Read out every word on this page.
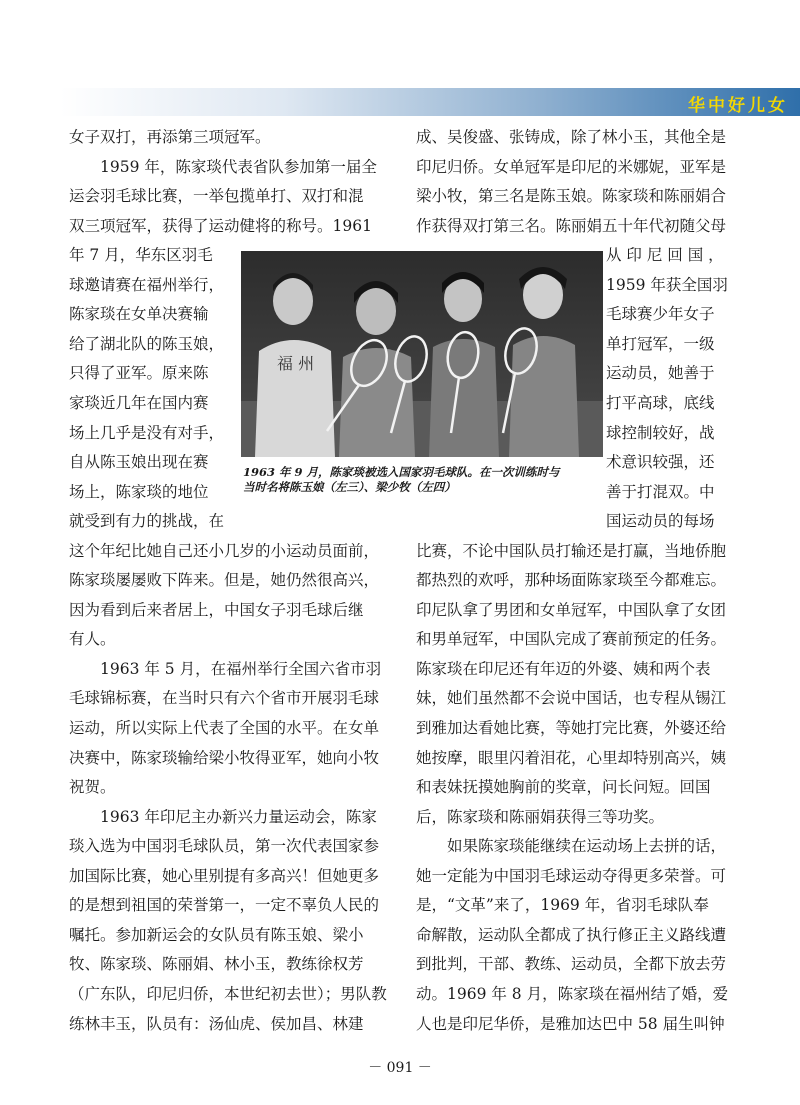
华中好儿女
女子双打，再添第三项冠军。
　　1959 年，陈家琰代表省队参加第一届全
运会羽毛球比赛，一举包揽单打、双打和混
双三项冠军，获得了运动健将的称号。1961
年 7 月，华东区羽毛
球邀请赛在福州举行，
陈家琰在女单决赛输
给了湖北队的陈玉娘，
只得了亚军。原来陈
家琰近几年在国内赛
场上几乎是没有对手，
自从陈玉娘出现在赛
场上，陈家琰的地位
就受到有力的挑战，在
这个年纪比她自己还小几岁的小运动员面前，
陈家琰屡屡败下阵来。但是，她仍然很高兴，
因为看到后来者居上，中国女子羽毛球后继
有人。
　　1963 年 5 月，在福州举行全国六省市羽
毛球锦标赛，在当时只有六个省市开展羽毛球
运动，所以实际上代表了全国的水平。在女单
决赛中，陈家琰输给梁小牧得亚军，她向小牧
祝贺。
　　1963 年印尼主办新兴力量运动会，陈家
琰入选为中国羽毛球队员，第一次代表国家参
加国际比赛，她心里别提有多高兴！但她更多
的是想到祖国的荣誉第一，一定不辜负人民的
嘱托。参加新运会的女队员有陈玉娘、梁小
牧、陈家琰、陈丽娟、林小玉，教练徐权芳
（广东队，印尼归侨，本世纪初去世）；男队教
练林丰玉，队员有：汤仙虎、侯加昌、林建
成、吴俊盛、张铸成，除了林小玉，其他全是
印尼归侨。女单冠军是印尼的米娜妮，亚军是
梁小牧，第三名是陈玉娘。陈家琰和陈丽娟合
作获得双打第三名。陈丽娟五十年代初随父母
从 印 尼 回 国 ，
1959 年获全国羽
毛球赛少年女子
单打冠军，一级
运动员，她善于
打平高球，底线
球控制较好，战
术意识较强，还
善于打混双。中
国运动员的每场
比赛，不论中国队员打输还是打赢，当地侨胞
都热烈的欢呼，那种场面陈家琰至今都难忘。
印尼队拿了男团和女单冠军，中国队拿了女团
和男单冠军，中国队完成了赛前预定的任务。
陈家琰在印尼还有年迈的外婆、姨和两个表
妹，她们虽然都不会说中国话，也专程从锡江
到雅加达看她比赛，等她打完比赛，外婆还给
她按摩，眼里闪着泪花，心里却特别高兴，姨
和表妹抚摸她胸前的奖章，问长问短。回国
后，陈家琰和陈丽娟获得三等功奖。
　　如果陈家琰能继续在运动场上去拼的话，
她一定能为中国羽毛球运动夺得更多荣誉。可
是，“文革”来了，1969 年，省羽毛球队奉
命解散，运动队全都成了执行修正主义路线遭
到批判，干部、教练、运动员，全都下放去劳
动。1969 年 8 月，陈家琰在福州结了婚，爱
人也是印尼华侨，是雅加达巴中 58 届生叫钟
福 州
1963 年 9 月，陈家琰被选入国家羽毛球队。在一次训练时与
当时名将陈玉娘（左三）、梁少牧（左四）
－ 091 －
